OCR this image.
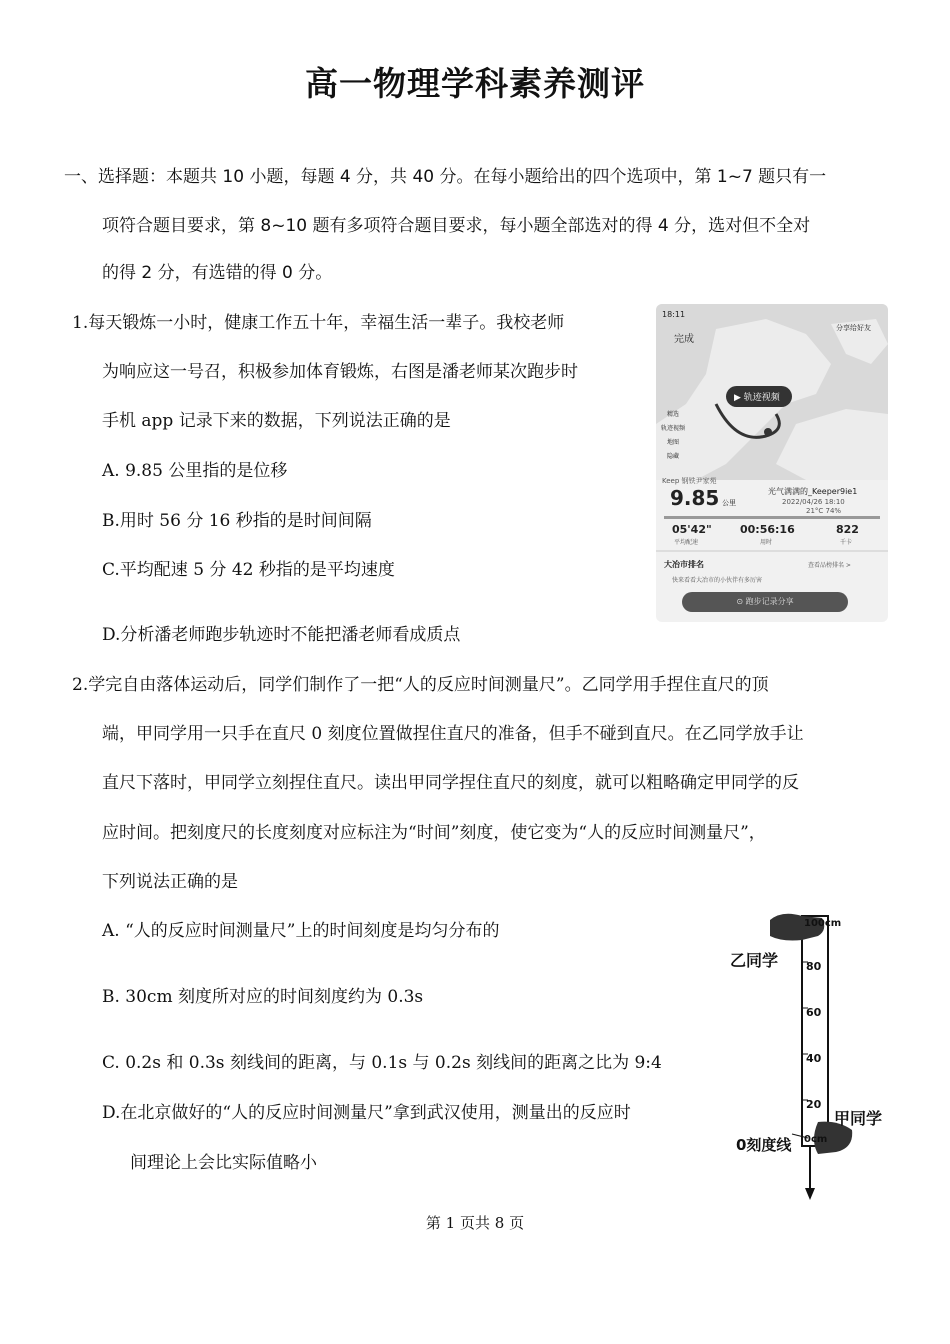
高一物理学科素养测评
一、选择题：本题共 10 小题，每题 4 分，共 40 分。在每小题给出的四个选项中，第 1~7 题只有一
项符合题目要求，第 8~10 题有多项符合题目要求，每小题全部选对的得 4 分，选对但不全对
的得 2 分，有选错的得 0 分。
1.每天锻炼一小时，健康工作五十年，幸福生活一辈子。我校老师
为响应这一号召，积极参加体育锻炼，右图是潘老师某次跑步时
手机 app 记录下来的数据，下列说法正确的是
A. 9.85 公里指的是位移
B.用时 56 分 16 秒指的是时间间隔
C.平均配速 5 分 42 秒指的是平均速度
D.分析潘老师跑步轨迹时不能把潘老师看成质点
18:11
完成
分享给好友
▶ 轨迹视频
精选
轨迹视频
地图
隐藏
Keep 钢铁尹家苑
9.85 公里
光气满满的_Keeper9ie1
2022/04/26 18:10
21°C 74%
05'42"
平均配速
00:56:16
用时
822
千卡
大冶市排名	查看品榜排名 >
快来看看大冶市的小伙伴有多厉害
⊙ 跑步记录分享
2.学完自由落体运动后，同学们制作了一把“人的反应时间测量尺”。乙同学用手捏住直尺的顶
端，甲同学用一只手在直尺 0 刻度位置做捏住直尺的准备，但手不碰到直尺。在乙同学放手让
直尺下落时，甲同学立刻捏住直尺。读出甲同学捏住直尺的刻度，就可以粗略确定甲同学的反
应时间。把刻度尺的长度刻度对应标注为“时间”刻度，使它变为“人的反应时间测量尺”，
下列说法正确的是
A. “人的反应时间测量尺”上的时间刻度是均匀分布的
B. 30cm 刻度所对应的时间刻度约为 0.3s
C. 0.2s 和 0.3s 刻线间的距离，与 0.1s 与 0.2s 刻线间的距离之比为 9:4
D.在北京做好的“人的反应时间测量尺”拿到武汉使用，测量出的反应时
间理论上会比实际值略小
100cm
80
60
40
20
0cm
乙同学
甲同学
0刻度线
第 1 页共 8 页
